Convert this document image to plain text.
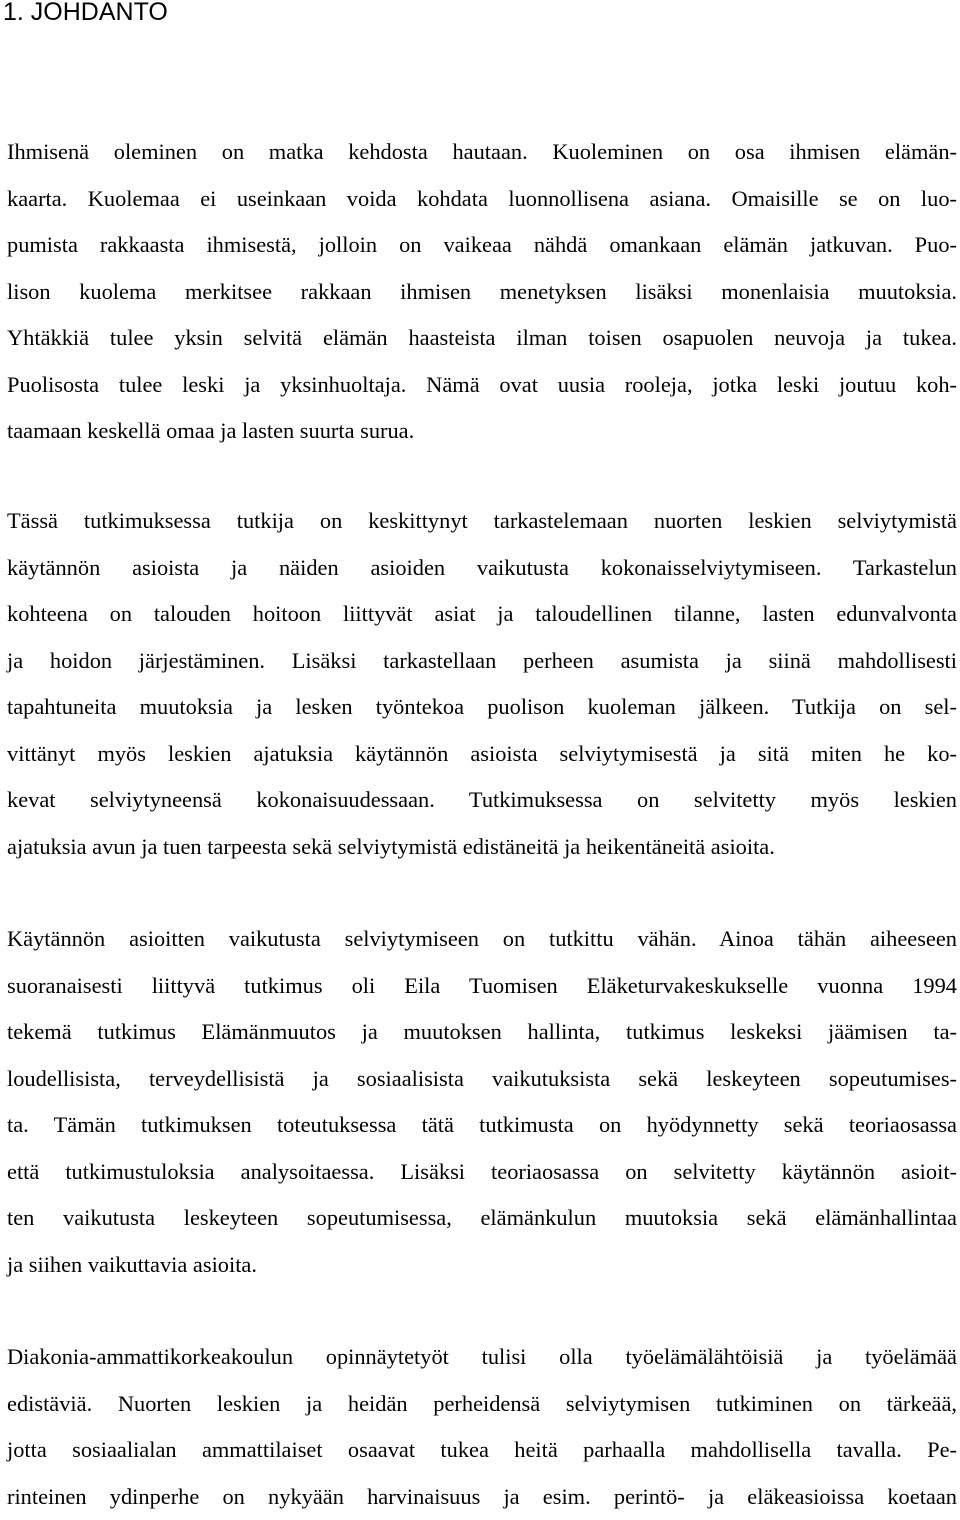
1. JOHDANTO
Ihmisenä oleminen on matka kehdosta hautaan. Kuoleminen on osa ihmisen elämän-
kaarta. Kuolemaa ei useinkaan voida kohdata luonnollisena asiana. Omaisille se on luo-
pumista rakkaasta ihmisestä, jolloin on vaikeaa nähdä omankaan elämän jatkuvan. Puo-
lison kuolema merkitsee rakkaan ihmisen menetyksen lisäksi monenlaisia muutoksia.
Yhtäkkiä tulee yksin selvitä elämän haasteista ilman toisen osapuolen neuvoja ja tukea.
Puolisosta tulee leski ja yksinhuoltaja. Nämä ovat uusia rooleja, jotka leski joutuu koh-
taamaan keskellä omaa ja lasten suurta surua.
Tässä tutkimuksessa tutkija on keskittynyt tarkastelemaan nuorten leskien selviytymistä
käytännön asioista ja näiden asioiden vaikutusta kokonaisselviytymiseen. Tarkastelun
kohteena on talouden hoitoon liittyvät asiat ja taloudellinen tilanne, lasten edunvalvonta
ja hoidon järjestäminen. Lisäksi tarkastellaan perheen asumista ja siinä mahdollisesti
tapahtuneita muutoksia ja lesken työntekoa puolison kuoleman jälkeen. Tutkija on sel-
vittänyt myös leskien ajatuksia käytännön asioista selviytymisestä ja sitä miten he ko-
kevat selviytyneensä kokonaisuudessaan. Tutkimuksessa on selvitetty myös leskien
ajatuksia avun ja tuen tarpeesta sekä selviytymistä edistäneitä ja heikentäneitä asioita.
Käytännön asioitten vaikutusta selviytymiseen on tutkittu vähän. Ainoa tähän aiheeseen
suoranaisesti liittyvä tutkimus oli Eila Tuomisen Eläketurvakeskukselle vuonna 1994
tekemä tutkimus Elämänmuutos ja muutoksen hallinta, tutkimus leskeksi jäämisen ta-
loudellisista, terveydellisistä ja sosiaalisista vaikutuksista sekä leskeyteen sopeutumises-
ta. Tämän tutkimuksen toteutuksessa tätä tutkimusta on hyödynnetty sekä teoriaosassa
että tutkimustuloksia analysoitaessa. Lisäksi teoriaosassa on selvitetty käytännön asioit-
ten vaikutusta leskeyteen sopeutumisessa, elämänkulun muutoksia sekä elämänhallintaa
ja siihen vaikuttavia asioita.
Diakonia-ammattikorkeakoulun opinnäytetyöt tulisi olla työelämälähtöisiä ja työelämää
edistäviä. Nuorten leskien ja heidän perheidensä selviytymisen tutkiminen on tärkeää,
jotta sosiaalialan ammattilaiset osaavat tukea heitä parhaalla mahdollisella tavalla. Pe-
rinteinen ydinperhe on nykyään harvinaisuus ja esim. perintö- ja eläkeasioissa koetaan
